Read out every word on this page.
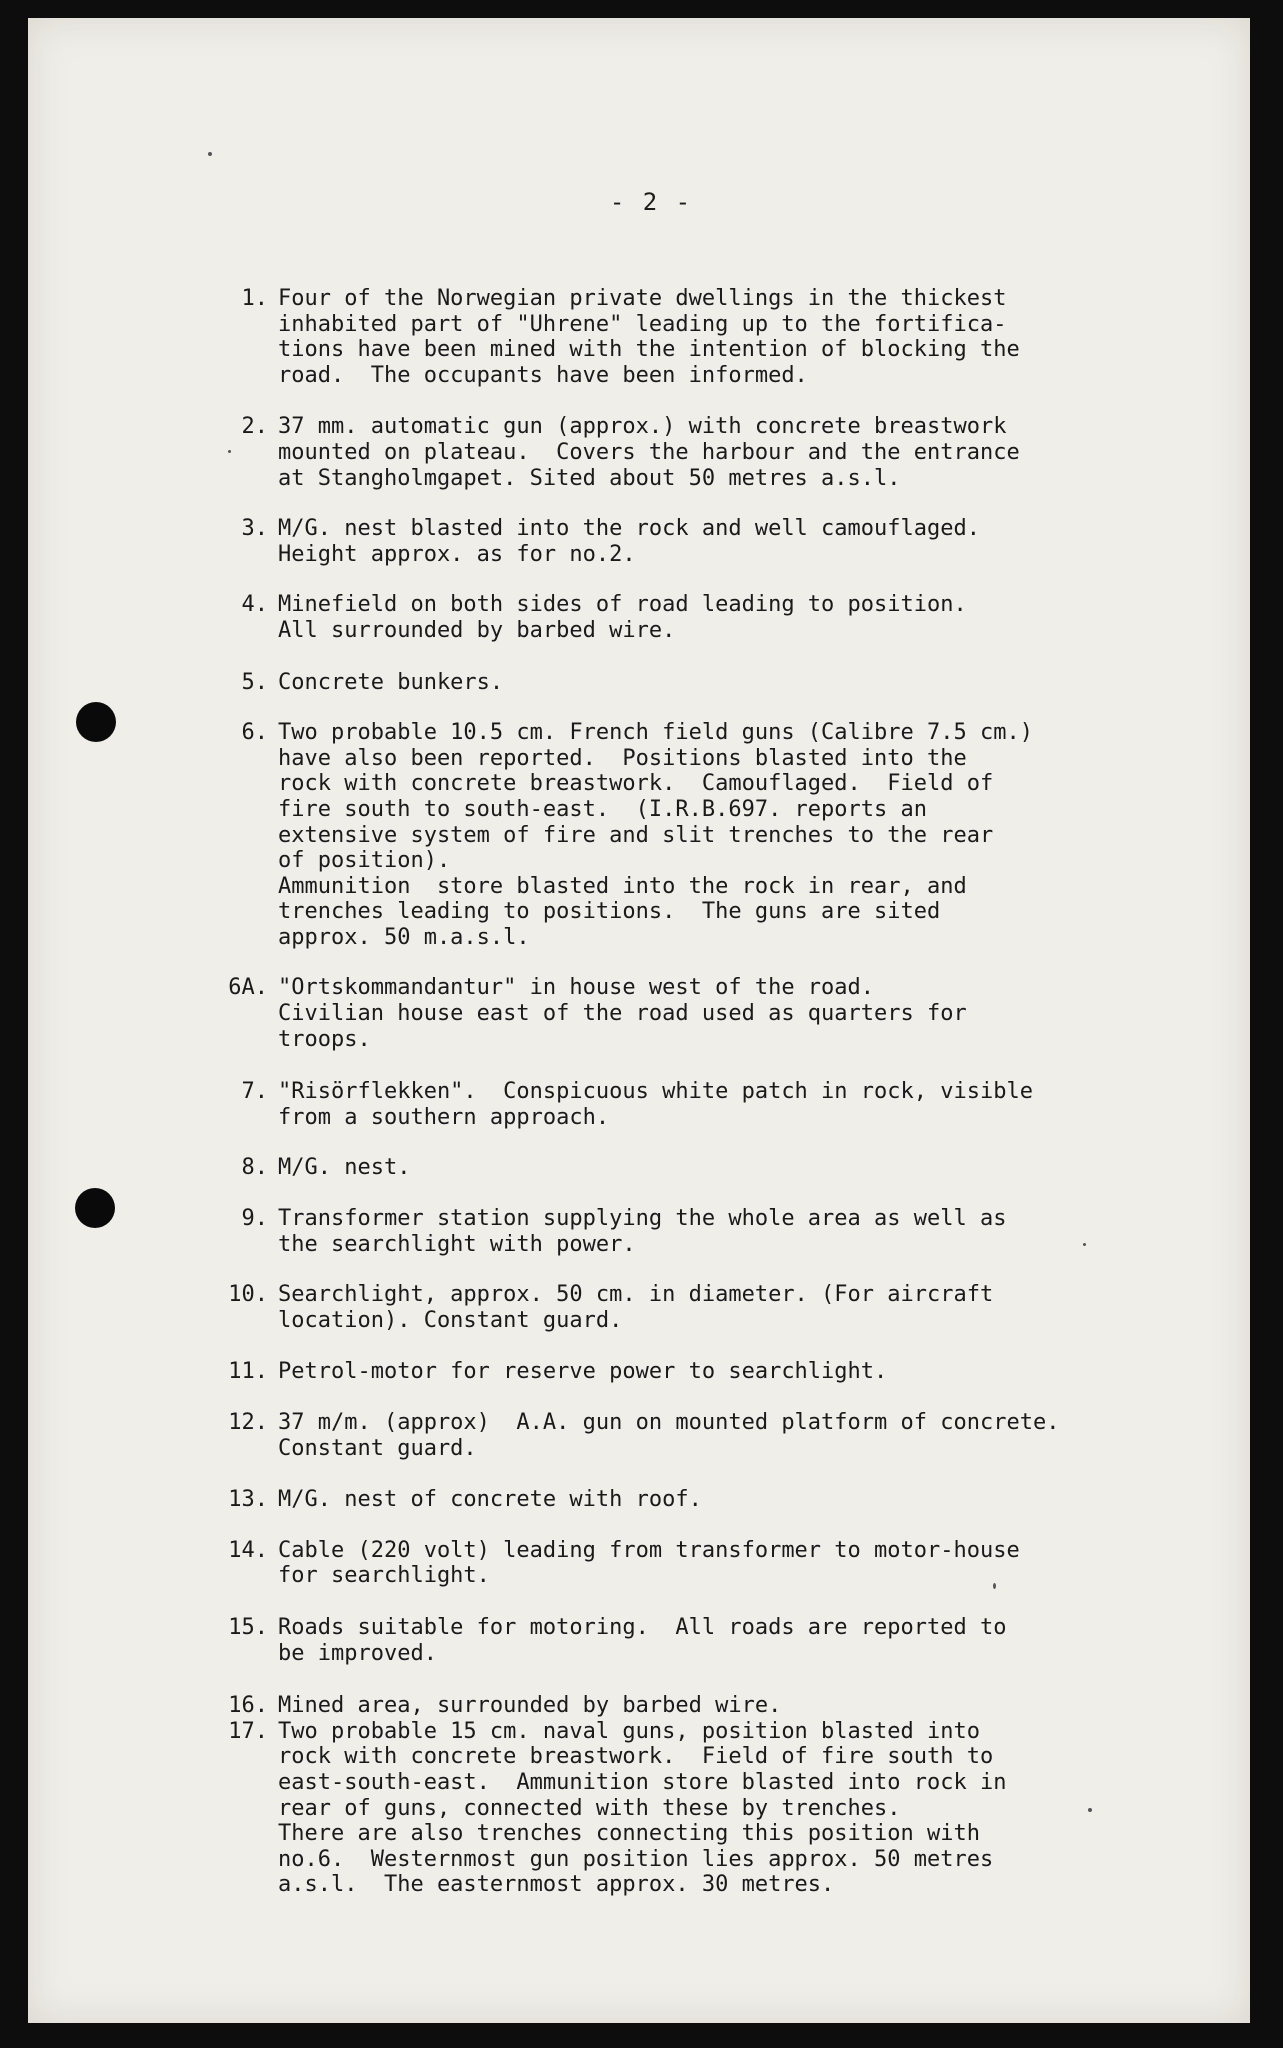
- 2 -
1. Four of the Norwegian private dwellings in the thickest
inhabited part of "Uhrene" leading up to the fortifica-
tions have been mined with the intention of blocking the
road.  The occupants have been informed.
2. 37 mm. automatic gun (approx.) with concrete breastwork
mounted on plateau.  Covers the harbour and the entrance
at Stangholmgapet. Sited about 50 metres a.s.l.
3. M/G. nest blasted into the rock and well camouflaged.
Height approx. as for no.2.
4. Minefield on both sides of road leading to position.
All surrounded by barbed wire.
5. Concrete bunkers.
6. Two probable 10.5 cm. French field guns (Calibre 7.5 cm.)
have also been reported.  Positions blasted into the
rock with concrete breastwork.  Camouflaged.  Field of
fire south to south-east.  (I.R.B.697. reports an
extensive system of fire and slit trenches to the rear
of position).
Ammunition  store blasted into the rock in rear, and
trenches leading to positions.  The guns are sited
approx. 50 m.a.s.l.
6A. "Ortskommandantur" in house west of the road.
Civilian house east of the road used as quarters for
troops.
7. "Risörflekken".  Conspicuous white patch in rock, visible
from a southern approach.
8. M/G. nest.
9. Transformer station supplying the whole area as well as
the searchlight with power.
10. Searchlight, approx. 50 cm. in diameter. (For aircraft
location). Constant guard.
11. Petrol-motor for reserve power to searchlight.
12. 37 m/m. (approx)  A.A. gun on mounted platform of concrete.
Constant guard.
13. M/G. nest of concrete with roof.
14. Cable (220 volt) leading from transformer to motor-house
for searchlight.
15. Roads suitable for motoring.  All roads are reported to
be improved.
16. Mined area, surrounded by barbed wire.
17. Two probable 15 cm. naval guns, position blasted into
rock with concrete breastwork.  Field of fire south to
east-south-east.  Ammunition store blasted into rock in
rear of guns, connected with these by trenches.
There are also trenches connecting this position with
no.6.  Westernmost gun position lies approx. 50 metres
a.s.l.  The easternmost approx. 30 metres.
